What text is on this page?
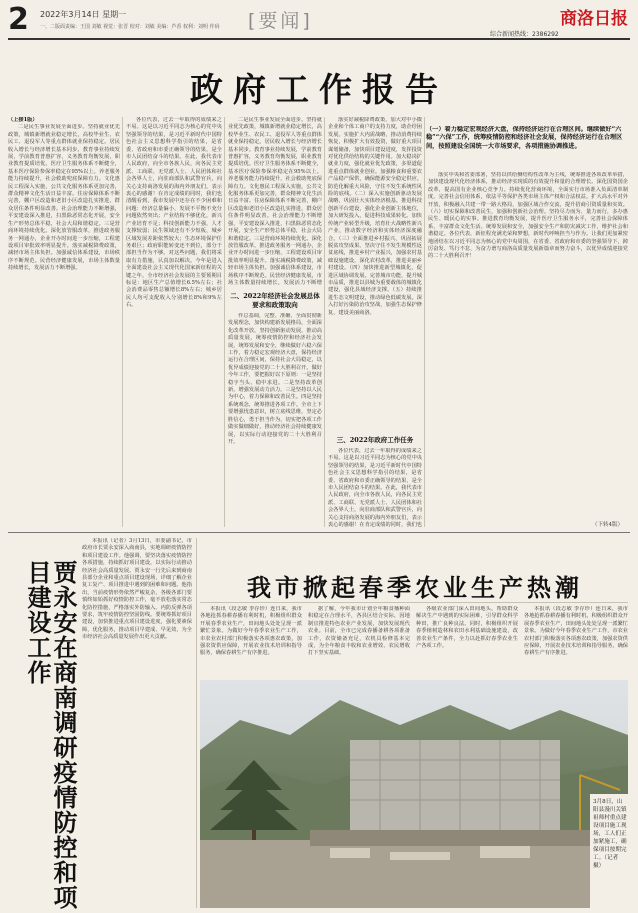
2 2022年3月14日 星期一
一、二版面责编：王国 刘敏 视觉：张晋 校对：刘敏 美编：芦香 权利：刘明 作码 [要闻]	商洛日报
综合新闻热线：2386292
政府工作报告
（上接1版）
二是民生事业发展全面进步。坚持就业优先政策，城镇新增就业稳定增长，高校毕业生、农民工、退役军人等重点群体就业保持稳定。居民收入增长与经济增长基本同步。教育事业持续发展，学前教育普惠扩容，义务教育均衡发展，职业教育提质培优。医疗卫生服务体系不断健全，基本医疗保险参保率稳定在95%以上。养老服务能力持续提升，社会救助兜底保障有力。文化惠民工程深入实施，公共文化服务体系更加完善，群众精神文化生活日益丰富。住房保障体系不断完善，棚户区改造和老旧小区改造扎实推进，群众居住条件明显改善。社会治理能力不断增强，平安建设深入推进，扫黑除恶常态化开展，安全生产形势总体平稳，社会大局和谐稳定。三是营商环境持续优化。深化放管服改革，推进政务服务一网通办，企业开办时间进一步压缩，工程建设项目审批效率明显提升。落实减税降费政策，减轻市场主体负担。加强诚信体系建设，市场秩序不断规范。民营经济健康发展，市场主体数量持续增长，发展活力不断增强。
各位代表，过去一年取得的成绩来之不易。这是以习近平同志为核心的党中央坚强领导的结果，是习近平新时代中国特色社会主义思想科学指引的结果，是省委、省政府和市委正确领导的结果，是全市人民团结奋斗的结果。在此，我代表市人民政府，向全市各族人民，向各民主党派、工商联、无党派人士、人民团体和社会各界人士，向驻商部队和武警官兵，向关心支持商洛发展的海内外朋友们，表示衷心的感谢！在肯定成绩的同时，我们也清醒看到，我市发展中还存在不少困难和问题：经济总量偏小，发展不平衡不充分问题依然突出；产业结构不够优化，新兴产业培育不足；科技创新能力不强，人才支撑较弱；民生领域还有不少短板，城乡区域发展差距依然较大；生态环境保护任务艰巨；政府职能转变还不到位，部分干部担当作为不够。对这些问题，我们将采取有力措施，认真加以解决。今年是进入全面建设社会主义现代化国家新征程的关键之年。全市经济社会发展的主要预期目标是：地区生产总值增长6.5%左右；社会消费品零售总额增长8%左右；城乡居民人均可支配收入分别增长8%和9%左右。
二是民生事业发展全面进步。坚持就业优先政策，城镇新增就业稳定增长，高校毕业生、农民工、退役军人等重点群体就业保持稳定。居民收入增长与经济增长基本同步。教育事业持续发展，学前教育普惠扩容，义务教育均衡发展，职业教育提质培优。医疗卫生服务体系不断健全，基本医疗保险参保率稳定在95%以上。养老服务能力持续提升，社会救助兜底保障有力。文化惠民工程深入实施，公共文化服务体系更加完善，群众精神文化生活日益丰富。住房保障体系不断完善，棚户区改造和老旧小区改造扎实推进，群众居住条件明显改善。社会治理能力不断增强，平安建设深入推进，扫黑除恶常态化开展，安全生产形势总体平稳，社会大局和谐稳定。三是营商环境持续优化。深化放管服改革，推进政务服务一网通办，企业开办时间进一步压缩，工程建设项目审批效率明显提升。落实减税降费政策，减轻市场主体负担。加强诚信体系建设，市场秩序不断规范。民营经济健康发展，市场主体数量持续增长，发展活力不断增
二、2022年经济社会发展总体要求和政策取向
作总基调，完整、准确、全面贯彻新发展理念，加快构建新发展格局，全面深化改革开放，坚持创新驱动发展，推动高质量发展，统筹疫情防控和经济社会发展，统筹发展和安全，继续做好六稳六保工作，着力稳定宏观经济大盘，保持经济运行在合理区间，保持社会大局稳定，以优异成绩迎接党的二十大胜利召开。做好今年工作，要把握好以下原则：一是坚持稳字当头、稳中求进。二是坚持改革创新，增强发展动力活力。三是坚持以人民为中心，着力保障和改善民生。四是坚持系统观念，统筹推进各项工作。全市上下要增强忧患意识，树立底线思维，坚定必胜信心，勇于担当作为，切实把各项工作做实做细做好，推动经济社会持续健康发展，以实际行动迎接党的二十大胜利召开。
落实好减税降费政策，加大对中小微企业和个体工商户的支持力度，助企纾困发展。实施扩大内需战略，推动消费持续恢复，积极扩大有效投资，做好重大项目谋划储备，加快项目建设进度，发挥投资对优化供给结构的关键作用。加大稳岗扩就业力度，强化就业优先政策，多渠道促进重点群体就业创业。加强粮食和重要农产品稳产保供，确保能源安全稳定供应。防范化解重大风险，守住不发生系统性风险的底线。（二）深入实施创新驱动发展战略，巩固壮大实体经济根基。推进科技创新平台建设，强化企业创新主体地位，加大研发投入，促进科技成果转化。加快传统产业转型升级，培育壮大战略性新兴产业，推动数字经济和实体经济深度融合。（三）全面推进乡村振兴，巩固拓展脱贫攻坚成果。坚决守住不发生规模性返贫底线，推进乡村产业振兴，加强农村基础设施建设，深化农村改革，推进美丽乡村建设。（四）加快推进新型城镇化，促进区域协调发展。完善城市功能，提升城市品质，推进以县城为重要载体的城镇化建设，强化县域经济支撑。（五）持续推进生态文明建设，推动绿色低碳发展。深入打好污染防治攻坚战，加强生态保护修复，建设美丽商洛。
三、2022年政府工作任务
各位代表，过去一年取得的成绩来之不易。这是以习近平同志为核心的党中央坚强领导的结果，是习近平新时代中国特色社会主义思想科学指引的结果，是省委、省政府和市委正确领导的结果，是全市人民团结奋斗的结果。在此，我代表市人民政府，向全市各族人民，向各民主党派、工商联、无党派人士、人民团体和社会各界人士，向驻商部队和武警官兵，向关心支持商洛发展的海内外朋友们，表示衷心的感谢！在肯定成绩的同时，我们也
（一）着力稳定宏观经济大盘，保持经济运行在合理区间。继续做好“六稳”“六保”工作，统筹疫情防控和经济社会发展，保持经济运行在合理区间，按照建设全国统一大市场要求，各项措施协调推进。
落实中央和省委部署，坚持以供给侧结构性改革为主线，统筹推进各项改革举措，加快建设现代化经济体系，推动经济实现质的有效提升和量的合理增长。深化国资国企改革，提高国有企业核心竞争力。持续优化营商环境，全面实行市场准入负面清单制度，完善社会信用体系，依法平等保护各类市场主体产权和合法权益。扩大高水平对外开放，积极融入共建一带一路大格局，加强区域合作交流，提升招商引资质量和实效。（六）切实保障和改善民生，加强和创新社会治理。坚持尽力而为、量力而行，多办惠民生、暖民心的实事。推进教育均衡发展，提升医疗卫生服务水平，完善社会保障体系，丰富群众文化生活。统筹发展和安全，加强安全生产和防灾减灾工作，维护社会和谐稳定。各位代表，新征程充满光荣和梦想，新时代呼唤担当与作为。让我们更加紧密地团结在以习近平同志为核心的党中央周围，在省委、省政府和市委的坚强领导下，踔厉奋发、笃行不怠，为奋力谱写商洛高质量发展新篇章而努力奋斗，以优异成绩迎接党的二十大胜利召开！
（下转4版）
贾永安在商南调研疫情防控和项目建设工作
本报讯（记者）3月13日，市委副书记、市政府市长贾永安深入商南县，实地调研疫情防控和项目建设工作。他强调，要坚决落实疫情防控各项措施，持续抓好项目建设，以实际行动推动经济社会高质量发展。贾永安一行先后来到商南县部分企业和重点项目建设现场，详细了解企业复工复产、项目推进中遇到的困难和问题。他指出，当前疫情形势依然严峻复杂，各级各部门要慎终如始抓好疫情防控工作，毫不放松落实常态化防控措施，严格落实外防输入、内防反弹各项要求，筑牢疫情防控坚固防线。要统筹抓好项目建设，加快推进重点项目建设进度，强化要素保障，优化服务，推动项目早建成、早见效，为全市经济社会高质量发展作出更大贡献。
我市掀起春季农业生产热潮
本报讯（段志敏 李存珍）连日来，我市各地抢抓春耕春播有利时机，积极组织群众开展春季农业生产，田间地头处处呈现一派繁忙景象。为做好今年春季农业生产工作，市农业农村部门积极落实各项惠农政策，加强农资供应保障，开展农业技术培训和指导服务，确保春耕生产有序推进。
据了解，今年我市计划全年粮食播种面积稳定在合理水平，各县区结合实际，因地制宜推进特色农业产业发展，加快发展现代农业。目前，全市已完成春播备耕各项准备工作，农资储备充足，农机具检修基本完成，为全年粮食丰收和农业增效、农民增收打下坚实基础。
各级农业部门深入田间地头，帮助群众解决生产中遇到的实际困难，引导群众科学种田，推广良种良法。同时，积极组织开展春季植树造林和农田水利基础设施建设，改善农业生产条件，全力以赴抓好春季农业生产各项工作。
本报讯（段志敏 李存珍）连日来，我市各地抢抓春耕春播有利时机，积极组织群众开展春季农业生产，田间地头处处呈现一派繁忙景象。为做好今年春季农业生产工作，市农业农村部门积极落实各项惠农政策，加强农资供应保障，开展农业技术培训和指导服务，确保春耕生产有序推进。
3月8日，山阳县漫川关镇祖师村重点建设项目施工现场，工人们正加紧施工，确保项目按期完工。（记者 摄）
